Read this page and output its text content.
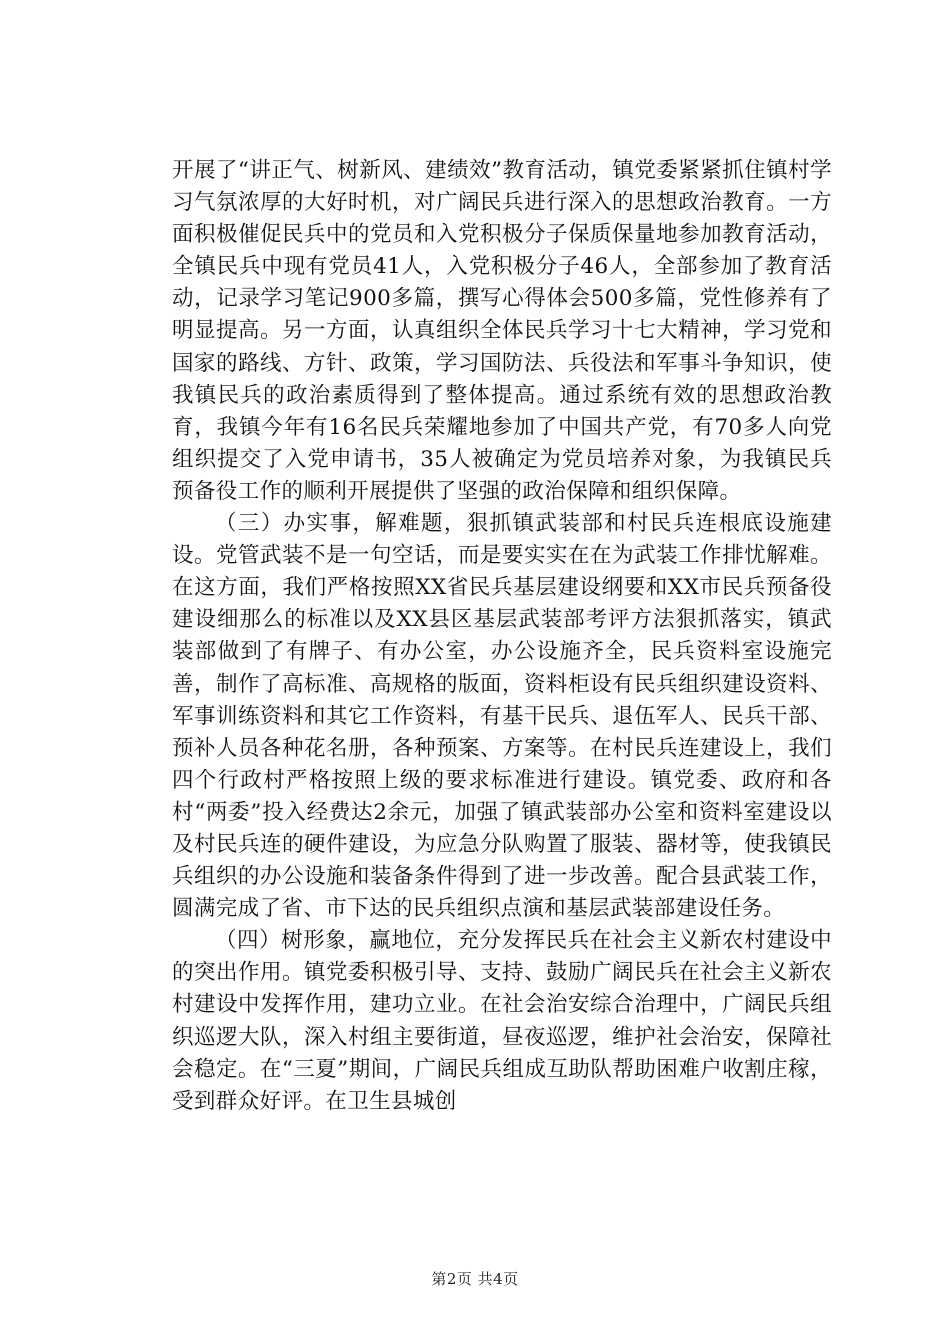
开展了“讲正气、树新风、建绩效”教育活动，镇党委紧紧抓住镇村学习气氛浓厚的大好时机，对广阔民兵进行深入的思想政治教育。一方面积极催促民兵中的党员和入党积极分子保质保量地参加教育活动，全镇民兵中现有党员41人，入党积极分子46人，全部参加了教育活动，记录学习笔记900多篇，撰写心得体会500多篇，党性修养有了明显提高。另一方面，认真组织全体民兵学习十七大精神，学习党和国家的路线、方针、政策，学习国防法、兵役法和军事斗争知识，使我镇民兵的政治素质得到了整体提高。通过系统有效的思想政治教育，我镇今年有16名民兵荣耀地参加了中国共产党，有70多人向党组织提交了入党申请书，35人被确定为党员培养对象，为我镇民兵预备役工作的顺利开展提供了坚强的政治保障和组织保障。

（三）办实事，解难题，狠抓镇武装部和村民兵连根底设施建设。党管武装不是一句空话，而是要实实在在为武装工作排忧解难。在这方面，我们严格按照XX省民兵基层建设纲要和XX市民兵预备役建设细那么的标准以及XX县区基层武装部考评方法狠抓落实，镇武装部做到了有牌子、有办公室，办公设施齐全，民兵资料室设施完善，制作了高标准、高规格的版面，资料柜设有民兵组织建设资料、军事训练资料和其它工作资料，有基干民兵、退伍军人、民兵干部、预补人员各种花名册，各种预案、方案等。在村民兵连建设上，我们四个行政村严格按照上级的要求标准进行建设。镇党委、政府和各村“两委”投入经费达2余元，加强了镇武装部办公室和资料室建设以及村民兵连的硬件建设，为应急分队购置了服装、器材等，使我镇民兵组织的办公设施和装备条件得到了进一步改善。配合县武装工作，圆满完成了省、市下达的民兵组织点演和基层武装部建设任务。

（四）树形象，赢地位，充分发挥民兵在社会主义新农村建设中的突出作用。镇党委积极引导、支持、鼓励广阔民兵在社会主义新农村建设中发挥作用，建功立业。在社会治安综合治理中，广阔民兵组织巡逻大队，深入村组主要街道，昼夜巡逻，维护社会治安，保障社会稳定。在“三夏”期间，广阔民兵组成互助队帮助困难户收割庄稼，受到群众好评。在卫生县城创

第2页 共4页
